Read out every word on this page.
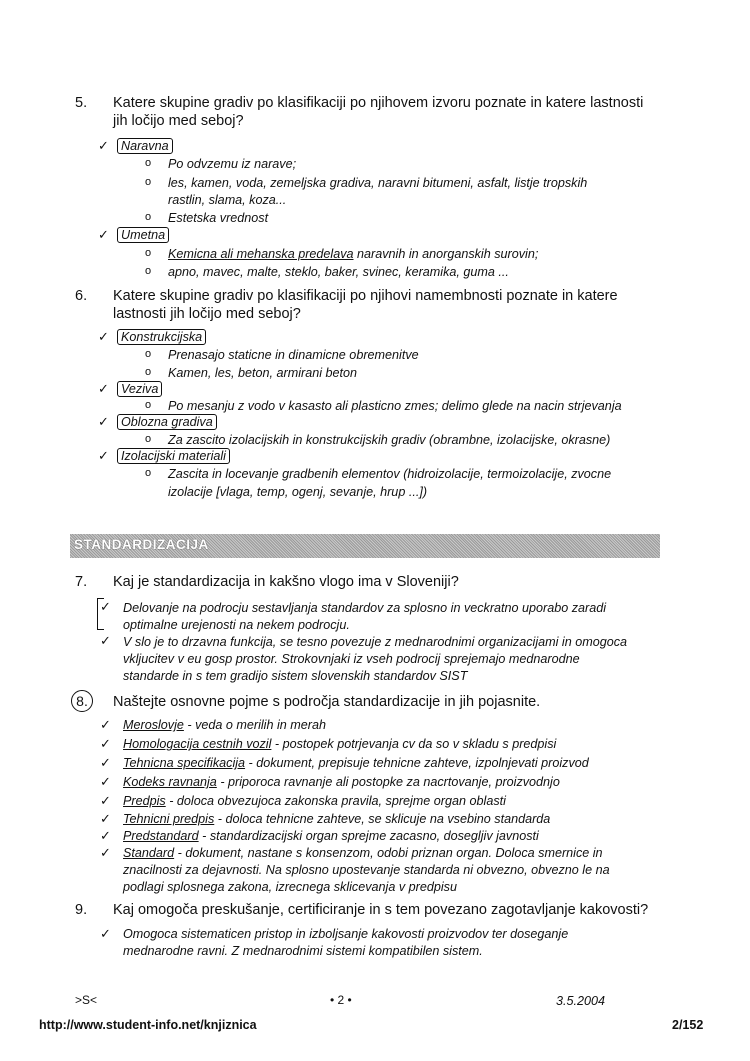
5. Katere skupine gradiv po klasifikaciji po njihovem izvoru poznate in katere lastnosti
jih ločijo med seboj?
✓ Naravna
o Po odvzemu iz narave;
o les, kamen, voda, zemeljska gradiva, naravni bitumeni, asfalt, listje tropskih
rastlin, slama, koza...
o Estetska vrednost
✓ Umetna
o Kemicna ali mehanska predelava naravnih in anorganskih surovin;
o apno, mavec, malte, steklo, baker, svinec, keramika, guma ...
6. Katere skupine gradiv po klasifikaciji po njihovi namembnosti poznate in katere
lastnosti jih ločijo med seboj?
✓ Konstrukcijska
o Prenasajo staticne in dinamicne obremenitve
o Kamen, les, beton, armirani beton
✓ Veziva
o Po mesanju z vodo v kasasto ali plasticno zmes; delimo glede na nacin strjevanja
✓ Oblozna gradiva
o Za zascito izolacijskih in konstrukcijskih gradiv (obrambne, izolacijske, okrasne)
✓ Izolacijski materiali
o Zascita in locevanje gradbenih elementov (hidroizolacije, termoizolacije, zvocne
izolacije [vlaga, temp, ogenj, sevanje, hrup ...])
STANDARDIZACIJA
7. Kaj je standardizacija in kakšno vlogo ima v Sloveniji?
✓ Delovanje na podrocju sestavljanja standardov za splosno in veckratno uporabo zaradi
optimalne urejenosti na nekem podrocju.
✓ V slo je to drzavna funkcija, se tesno povezuje z mednarodnimi organizacijami in omogoca
vkljucitev v eu gosp prostor. Strokovnjaki iz vseh podrocij sprejemajo mednarodne
standarde in s tem gradijo sistem slovenskih standardov SIST
8.	Naštejte osnovne pojme s področja standardizacije in jih pojasnite.
✓ Meroslovje - veda o merilih in merah
✓ Homologacija cestnih vozil - postopek potrjevanja cv da so v skladu s predpisi
✓ Tehnicna specifikacija - dokument, prepisuje tehnicne zahteve, izpolnjevati proizvod
✓ Kodeks ravnanja - priporoca ravnanje ali postopke za nacrtovanje, proizvodnjo
✓ Predpis - doloca obvezujoca zakonska pravila, sprejme organ oblasti
✓ Tehnicni predpis - doloca tehnicne zahteve, se sklicuje na vsebino standarda
✓ Predstandard - standardizacijski organ sprejme zacasno, dosegljiv javnosti
✓ Standard - dokument, nastane s konsenzom, odobi priznan organ. Doloca smernice in
znacilnosti za dejavnosti. Na splosno upostevanje standarda ni obvezno, obvezno le na
podlagi splosnega zakona, izrecnega sklicevanja v predpisu
9. Kaj omogoča preskušanje, certificiranje in s tem povezano zagotavljanje kakovosti?
✓ Omogoca sistematicen pristop in izboljsanje kakovosti proizvodov ter doseganje
mednarodne ravni. Z mednarodnimi sistemi kompatibilen sistem.
>S<	• 2 •	3.5.2004
http://www.student-info.net/knjiznica	2/152
